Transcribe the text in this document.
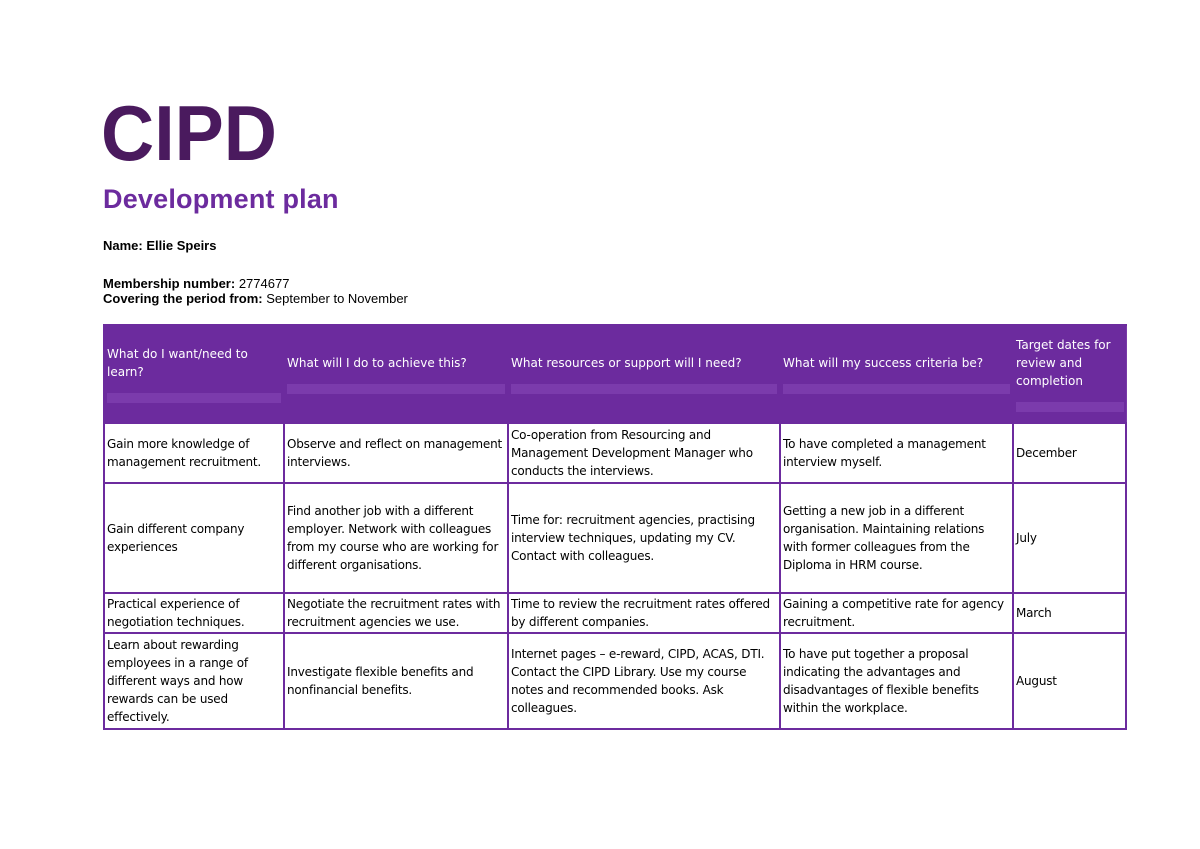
CIPD
Development plan
Name: Ellie Speirs
Membership number: 2774677
Covering the period from: September to November
What do I want/need to learn?	What will I do to achieve this?	What resources or support will I need?	What will my success criteria be?	Target dates for review and completion

Gain more knowledge of management recruitment.	Observe and reflect on management interviews.	Co-operation from Resourcing and Management Development Manager who conducts the interviews.	To have completed a management interview myself.	December
Gain different company experiences	Find another job with a different employer. Network with colleagues from my course who are working for different organisations.	Time for: recruitment agencies, practising interview techniques, updating my CV. Contact with colleagues.	Getting a new job in a different organisation. Maintaining relations with former colleagues from the Diploma in HRM course.	July
Practical experience of negotiation techniques.	Negotiate the recruitment rates with recruitment agencies we use.	Time to review the recruitment rates offered by different companies.	Gaining a competitive rate for agency recruitment.	March
Learn about rewarding employees in a range of different ways and how rewards can be used effectively.	Investigate flexible benefits and nonfinancial benefits.	Internet pages – e-reward, CIPD, ACAS, DTI. Contact the CIPD Library. Use my course notes and recommended books. Ask colleagues.	To have put together a proposal indicating the advantages and disadvantages of flexible benefits within the workplace.	August
